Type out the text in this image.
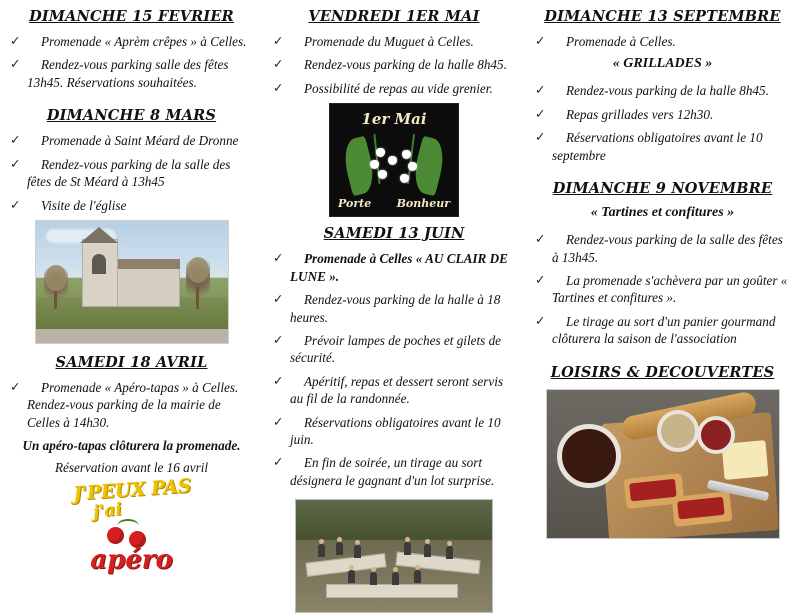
DIMANCHE 15 FEVRIER
✓	Promenade « Aprèm crêpes » à Celles.
✓	Rendez-vous parking salle des fêtes 13h45. Réservations souhaitées.
DIMANCHE 8 MARS
✓	Promenade à Saint Méard de Dronne
✓	Rendez-vous parking de la salle des fêtes de St Méard à 13h45
✓	Visite de l'église
SAMEDI 18 AVRIL
✓	Promenade « Apéro-tapas » à Celles. Rendez-vous parking de la mairie de Celles à 14h30.
Un apéro-tapas clôturera la promenade.
Réservation avant le 16 avril
J'PEUX PAS
j'ai
apéro
VENDREDI 1ER MAI
✓	Promenade du Muguet à Celles.
✓	Rendez-vous parking de la halle 8h45.
✓	Possibilité de repas au vide grenier.
1er Mai
Porte Bonheur
SAMEDI 13 JUIN
✓	Promenade à Celles « AU CLAIR DE LUNE ».
✓	Rendez-vous parking de la halle à 18 heures.
✓	Prévoir lampes de poches et gilets de sécurité.
✓	Apéritif, repas et dessert seront servis au fil de la randonnée.
✓	Réservations obligatoires avant le 10 juin.
✓	En fin de soirée, un tirage au sort désignera le gagnant d'un lot surprise.
DIMANCHE 13 SEPTEMBRE
✓	Promenade à Celles.
« GRILLADES »
✓	Rendez-vous parking de la halle 8h45.
✓	Repas grillades vers 12h30.
✓	Réservations obligatoires avant le 10 septembre
DIMANCHE 9 NOVEMBRE
« Tartines et confitures »
✓	Rendez-vous parking de la salle des fêtes à 13h45.
✓	La promenade s'achèvera par un goûter « Tartines et confitures ».
✓	Le tirage au sort d'un panier gourmand clôturera la saison de l'association
LOISIRS & DECOUVERTES
